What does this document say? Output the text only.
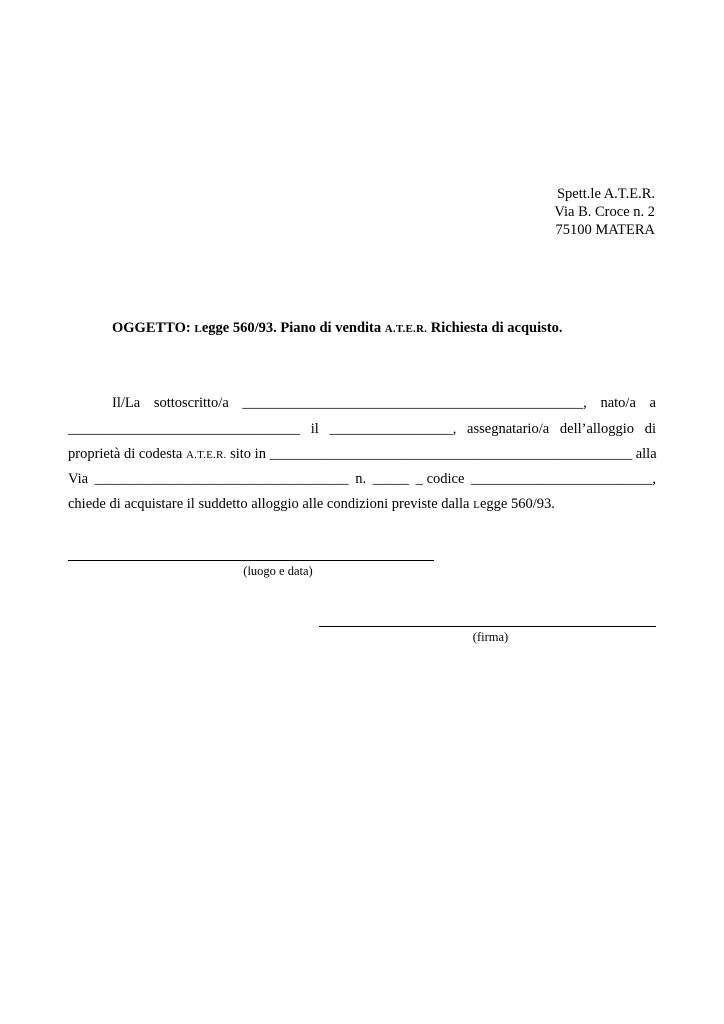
Spett.le A.T.E.R.
Via B. Croce n. 2
75100 MATERA
OGGETTO: Legge 560/93. Piano di vendita A.T.E.R. Richiesta di acquisto.
Il/La sottoscritto/a _______________________________________________, nato/a a
________________________________ il _________________, assegnatario/a dell’alloggio di
proprietà di codesta A.T.E.R. sito in __________________________________________________ alla
Via ___________________________________ n. _____ _ codice _________________________,
chiede di acquistare il suddetto alloggio alle condizioni previste dalla Legge 560/93.
(luogo e data)
(firma)
